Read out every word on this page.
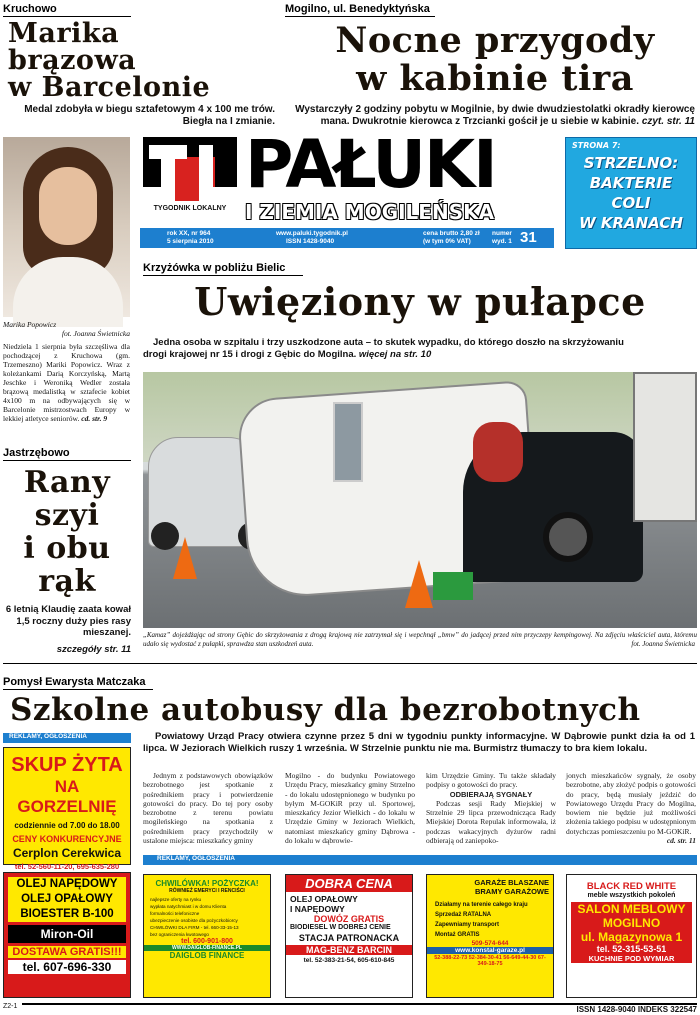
Kruchowo
Marika
brązowa
w Barcelonie
Medal zdobyła w biegu sztafetowym 4 x 100 me trów. Biegła na I zmianie.
Mogilno, ul. Benedyktyńska
Nocne przygody
w kabinie tira
Wystarczyły 2 godziny pobytu w Mogilnie, by dwie dwudziestolatki okradły kierowcę mana. Dwukrotnie kierowca z Trzcianki gościł je u siebie w kabinie. czyt. str. 11
Marika Popowicz
fot. Joanna Świetnicka
Niedziela 1 sierpnia była szczęśliwa dla pochodzącej z Kruchowa (gm. Trzemeszno) Mariki Popowicz. Wraz z koleżankami Darią Korczyńską, Martą Jeschke i Weroniką Wedler została brązową medalistką w sztafecie kobiet 4x100 m na odbywających się w Barcelonie mistrzostwach Europy w lekkiej atletyce seniorów. cd. str. 9
TYGODNIK LOKALNY
PAŁUKI
I ZIEMIA MOGILEŃSKA
rok XX, nr 964
5 sierpnia 2010
www.paluki.tygodnik.pl
ISSN 1428-9040
cena brutto 2,80 zł
(w tym 0% VAT)
numer
wyd. 1 31
STRONA 7:
STRZELNO:
BAKTERIE
COLI
W KRANACH
Krzyżówka w pobliżu Bielic
Uwięziony w pułapce
Jedna osoba w szpitalu i trzy uszkodzone auta – to skutek wypadku, do którego doszło na skrzyżowaniu drogi krajowej nr 15 i drogi z Gębic do Mogilna. więcej na str. 10
„Kamaz” dojeżdżając od strony Gębic do skrzyżowania z drogą krajową nie zatrzymał się i wepchnął „bmw” do jadącej przed nim przyczepy kempingowej. Na zdjęciu właściciel auta, któremu udało się wydostać z pułapki, sprawdza stan uszkodzeń auta.	fot. Joanna Świetnicka
Jastrzębowo
Rany
szyi
i obu
rąk
6 letnią Klaudię zaata kował 1,5 roczny duży pies rasy mieszanej.
szczegóły str. 11
Pomysł Ewarysta Matczaka
Szkolne autobusy dla bezrobotnych
Powiatowy Urząd Pracy otwiera czynne przez 5 dni w tygodniu punkty informacyjne. W Dąbrowie punkt dzia ła od 1 lipca. W Jeziorach Wielkich ruszy 1 września. W Strzelnie punktu nie ma. Burmistrz tłumaczy to bra kiem lokalu.
Jednym z podstawowych obowiązków bezrobotnego jest spotkanie z pośrednikiem pracy i potwierdzenie gotowości do pracy. Do tej pory osoby bezrobotne z terenu powiatu mogileńskiego na spotkania z pośrednikiem pracy przychodziły w ustalone miejsca: mieszkańcy gminy
Mogilno - do budynku Powiatowego Urzędu Pracy, mieszkańcy gminy Strzelno - do lokalu udostępnionego w budynku po byłym M-GOKiR przy ul. Sportowej, mieszkańcy Jezior Wielkich - do lokalu w Urzędzie Gminy w Jeziorach Wielkich, natomiast mieszkańcy gminy Dąbrowa - do lokalu w dąbrowie-
kim Urzędzie Gminy. Tu także składały podpisy o gotowości do pracy.
ODBIERAJĄ SYGNAŁY
Podczas sesji Rady Miejskiej w Strzelnie 29 lipca przewodnicząca Rady Miejskiej Dorota Repulak informowała, iż podczas wakacyjnych dyżurów radni odbierają od zaniepoko-
jonych mieszkańców sygnały, że osoby bezrobotne, aby złożyć podpis o gotowości do pracy, będą musiały jeździć do Powiatowego Urzędu Pracy do Mogilna, bowiem nie będzie już możliwości złożenia takiego podpisu w udostępnionym dotychczas pomieszczeniu po M-GOKiR.
cd. str. 11
REKLAMY, OGŁOSZENIA
REKLAMY, OGŁOSZENIA
SKUP ŻYTA
NA GORZELNIĘ
codziennie od 7.00 do 18.00
CENY KONKURENCYJNE
Cerplon Cerekwica
tel. 52-560-11-20, 695-635-280
OLEJ NAPĘDOWY
OLEJ OPAŁOWY
BIOESTER B-100
Miron-Oil
DOSTAWA GRATIS!!!
tel. 607-696-330
CHWILÓWKA! POŻYCZKA!
RÓWNIEŻ EMERYCI I RENCIŚCI
najlepsze oferty na rynku
wypłata natychmiast i w domu Klienta
formalności telefoniczne
ubezpieczenie osobiste dla pożyczkobiorcy
CHWILÓWKI DLA FIRM - tel. 660-33-15-13
bez ograniczenia kwotowego
tel. 600-901-800
WWW.DAIGLOB-FINANCE.PL
DAIGLOB FINANCE
DOBRA CENA
OLEJ OPAŁOWY
I NAPĘDOWY
DOWÓZ GRATIS
BIODIESEL W DOBREJ CENIE
STACJA PATRONACKA
MAG-BENZ BARCIN
tel. 52-383-21-54, 605-610-845
GARAŻE BLASZANE
BRAMY GARAŻOWE
Działamy na terenie całego kraju
Sprzedaż RATALNA
Zapewniamy transport
Montaż GRATIS
509-574-644
www.konstal-garaze.pl
52-388-22-73 52-384-30-41 56-649-44-30 67-349-18-75
BLACK RED WHITE
meble wszystkich pokoleń
SALON MEBLOWY
MOGILNO
ul. Magazynowa 1
tel. 52-315-53-51
KUCHNIE POD WYMIAR
Z2-1	ISSN 1428-9040 INDEKS 322547
